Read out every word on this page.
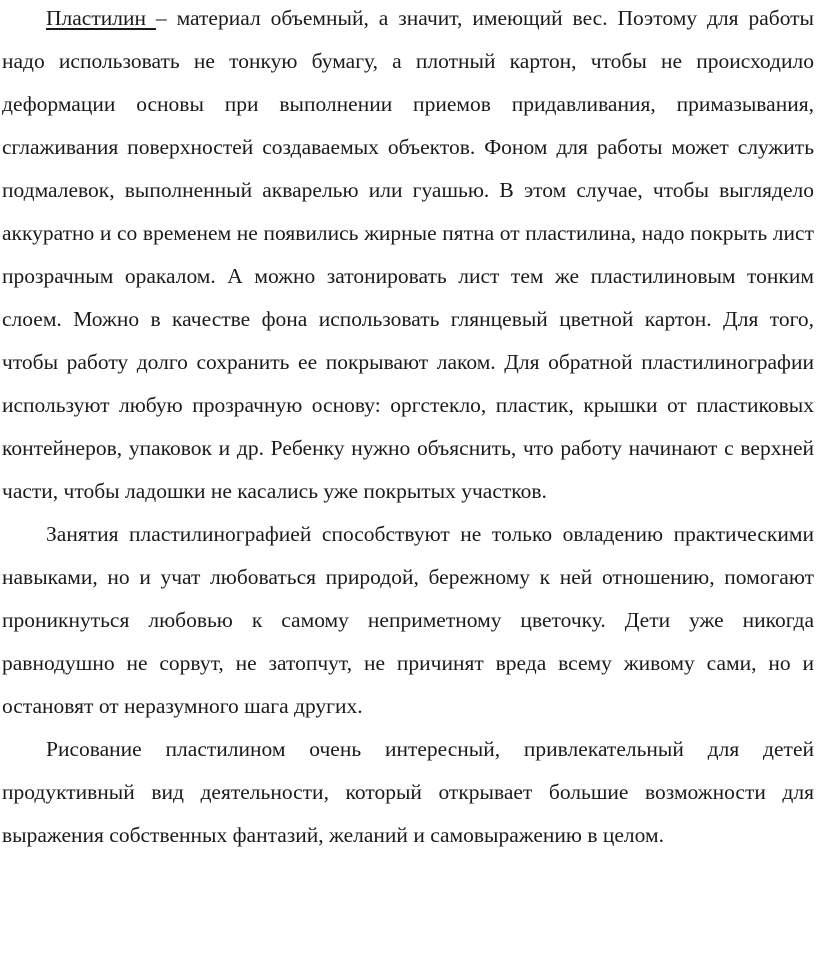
Пластилин – материал объемный, а значит, имеющий вес. Поэтому для работы надо использовать не тонкую бумагу, а плотный картон, чтобы не происходило деформации основы при выполнении приемов придавливания, примазывания, сглаживания поверхностей создаваемых объектов. Фоном для работы может служить подмалевок, выполненный акварелью или гуашью. В этом случае, чтобы выглядело аккуратно и со временем не появились жирные пятна от пластилина, надо покрыть лист прозрачным оракалом. А можно затонировать лист тем же пластилиновым тонким слоем. Можно в качестве фона использовать глянцевый цветной картон. Для того, чтобы работу долго сохранить ее покрывают лаком. Для обратной пластилинографии используют любую прозрачную основу: оргстекло, пластик, крышки от пластиковых контейнеров, упаковок и др. Ребенку нужно объяснить, что работу начинают с верхней части, чтобы ладошки не касались уже покрытых участков.

Занятия пластилинографией способствуют не только овладению практическими навыками, но и учат любоваться природой, бережному к ней отношению, помогают проникнуться любовью к самому неприметному цветочку. Дети уже никогда равнодушно не сорвут, не затопчут, не причинят вреда всему живому сами, но и остановят от неразумного шага других.

Рисование пластилином очень интересный, привлекательный для детей продуктивный вид деятельности, который открывает большие возможности для выражения собственных фантазий, желаний и самовыражению в целом.
